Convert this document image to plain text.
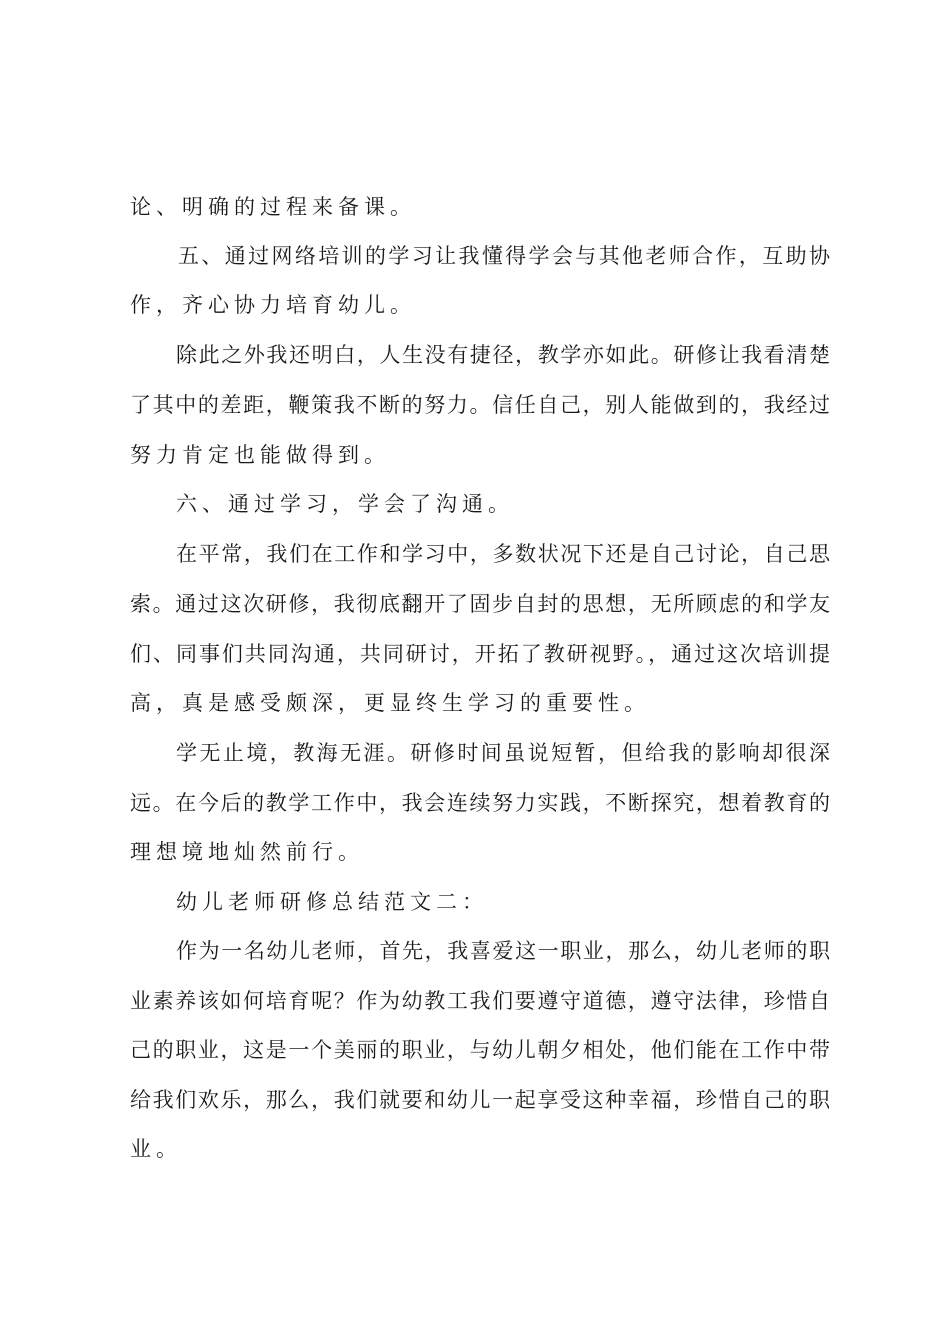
论、明确的过程来备课。
五、通过网络培训的学习让我懂得学会与其他老师合作，互助协
作，齐心协力培育幼儿。
除此之外我还明白，人生没有捷径，教学亦如此。研修让我看清楚
了其中的差距，鞭策我不断的努力。信任自己，别人能做到的，我经过
努力肯定也能做得到。
六、通过学习，学会了沟通。
在平常，我们在工作和学习中，多数状况下还是自己讨论，自己思
索。通过这次研修，我彻底翻开了固步自封的思想，无所顾虑的和学友
们、同事们共同沟通，共同研讨，开拓了教研视野。，通过这次培训提
高，真是感受颇深，更显终生学习的重要性。
学无止境，教海无涯。研修时间虽说短暂，但给我的影响却很深
远。在今后的教学工作中，我会连续努力实践，不断探究，想着教育的
理想境地灿然前行。
幼儿老师研修总结范文二：
作为一名幼儿老师，首先，我喜爱这一职业，那么，幼儿老师的职
业素养该如何培育呢？作为幼教工我们要遵守道德，遵守法律，珍惜自
己的职业，这是一个美丽的职业，与幼儿朝夕相处，他们能在工作中带
给我们欢乐，那么，我们就要和幼儿一起享受这种幸福，珍惜自己的职
业。
